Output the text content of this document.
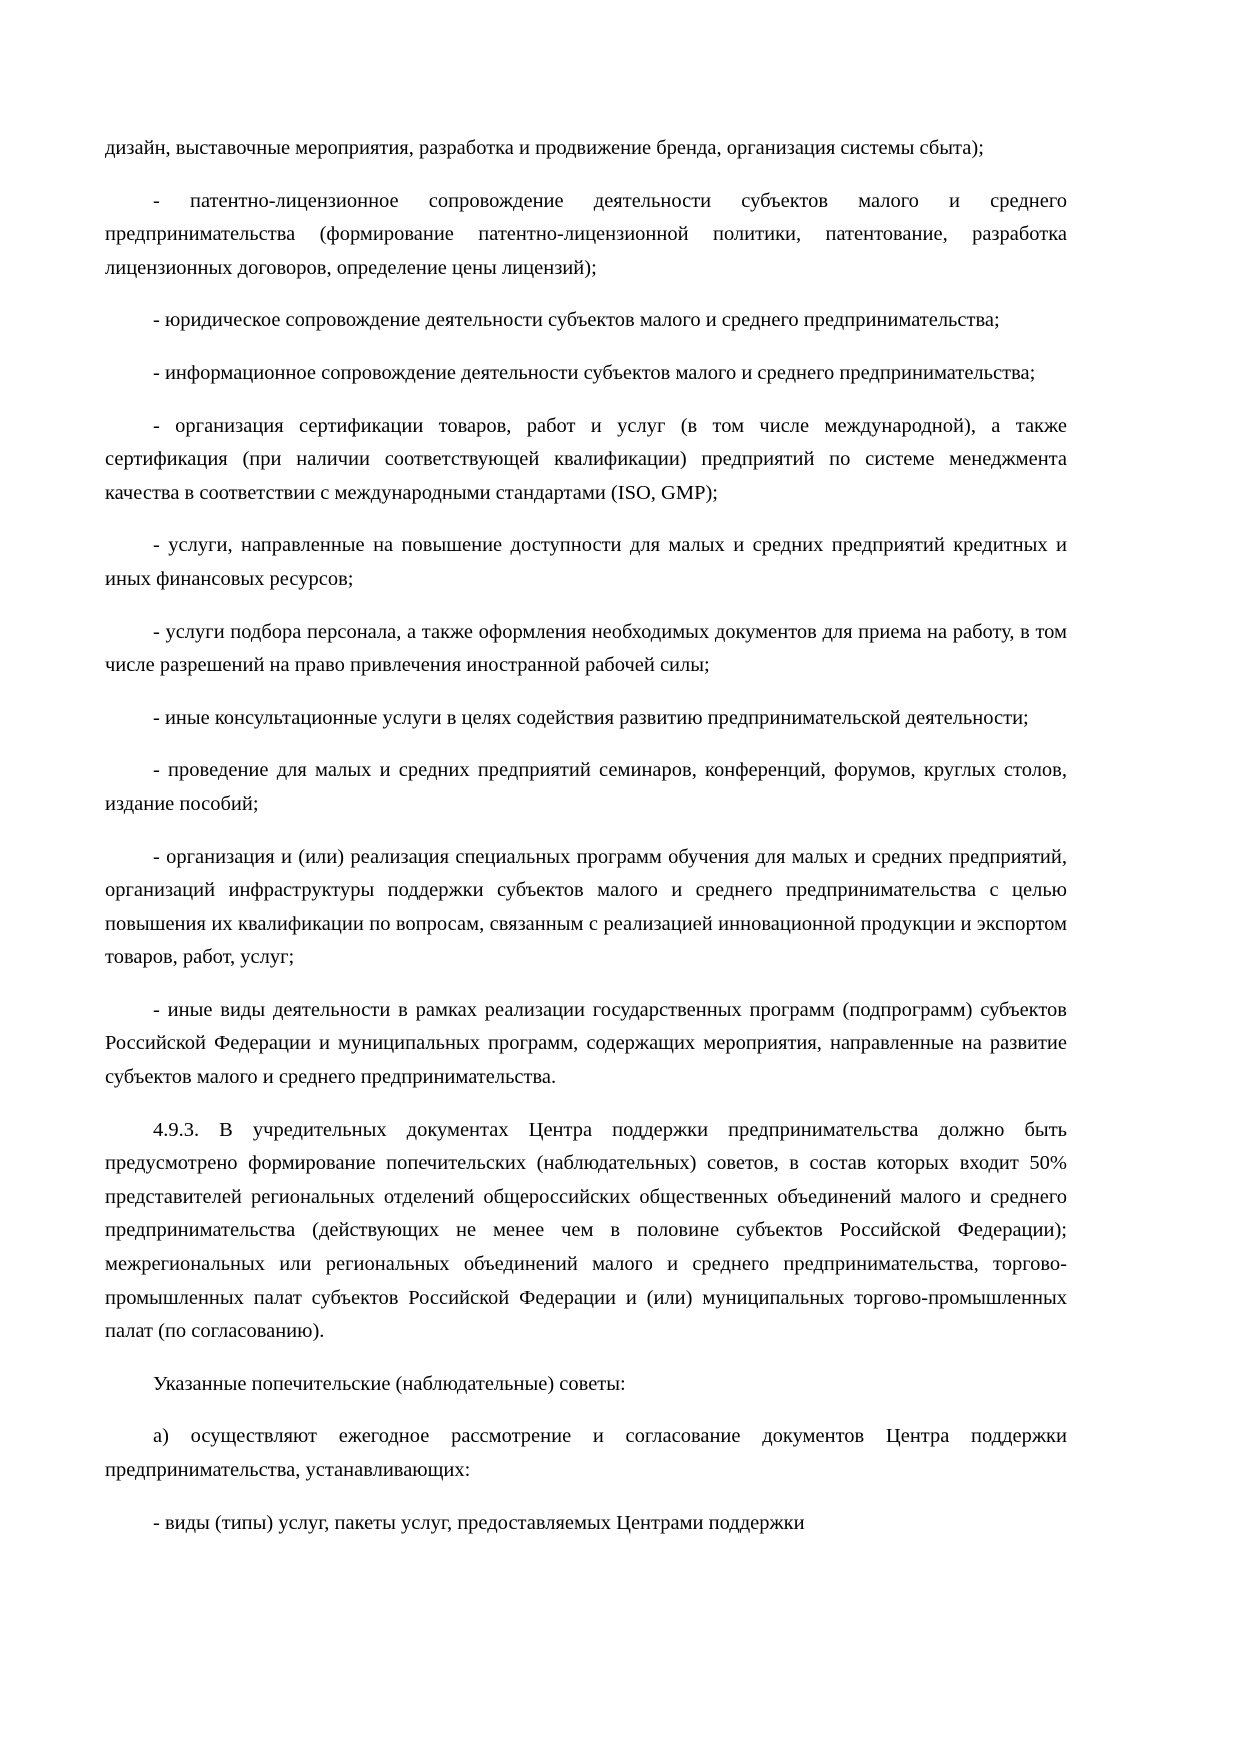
дизайн, выставочные мероприятия, разработка и продвижение бренда, организация системы сбыта);

- патентно-лицензионное сопровождение деятельности субъектов малого и среднего предпринимательства (формирование патентно-лицензионной политики, патентование, разработка лицензионных договоров, определение цены лицензий);

- юридическое сопровождение деятельности субъектов малого и среднего предпринимательства;

- информационное сопровождение деятельности субъектов малого и среднего предпринимательства;

- организация сертификации товаров, работ и услуг (в том числе международной), а также сертификация (при наличии соответствующей квалификации) предприятий по системе менеджмента качества в соответствии с международными стандартами (ISO, GMP);

- услуги, направленные на повышение доступности для малых и средних предприятий кредитных и иных финансовых ресурсов;

- услуги подбора персонала, а также оформления необходимых документов для приема на работу, в том числе разрешений на право привлечения иностранной рабочей силы;

- иные консультационные услуги в целях содействия развитию предпринимательской деятельности;

- проведение для малых и средних предприятий семинаров, конференций, форумов, круглых столов, издание пособий;

- организация и (или) реализация специальных программ обучения для малых и средних предприятий, организаций инфраструктуры поддержки субъектов малого и среднего предпринимательства с целью повышения их квалификации по вопросам, связанным с реализацией инновационной продукции и экспортом товаров, работ, услуг;

- иные виды деятельности в рамках реализации государственных программ (подпрограмм) субъектов Российской Федерации и муниципальных программ, содержащих мероприятия, направленные на развитие субъектов малого и среднего предпринимательства.

4.9.3. В учредительных документах Центра поддержки предпринимательства должно быть предусмотрено формирование попечительских (наблюдательных) советов, в состав которых входит 50% представителей региональных отделений общероссийских общественных объединений малого и среднего предпринимательства (действующих не менее чем в половине субъектов Российской Федерации); межрегиональных или региональных объединений малого и среднего предпринимательства, торгово-промышленных палат субъектов Российской Федерации и (или) муниципальных торгово-промышленных палат (по согласованию).

Указанные попечительские (наблюдательные) советы:

а) осуществляют ежегодное рассмотрение и согласование документов Центра поддержки предпринимательства, устанавливающих:

- виды (типы) услуг, пакеты услуг, предоставляемых Центрами поддержки
